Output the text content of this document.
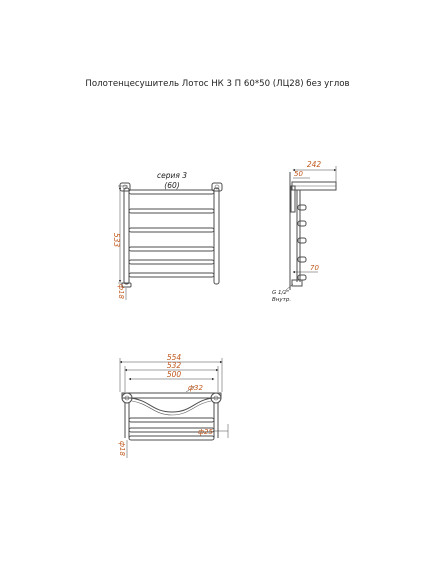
Полотенцесушитель Лотос НК 3 П 60*50 (ЛЦ28) без углов
533
серия 3
(60)
ф18
242
50
70
G 1/2"
Внутр.
554
532
500
ф32
ф25
ф18
